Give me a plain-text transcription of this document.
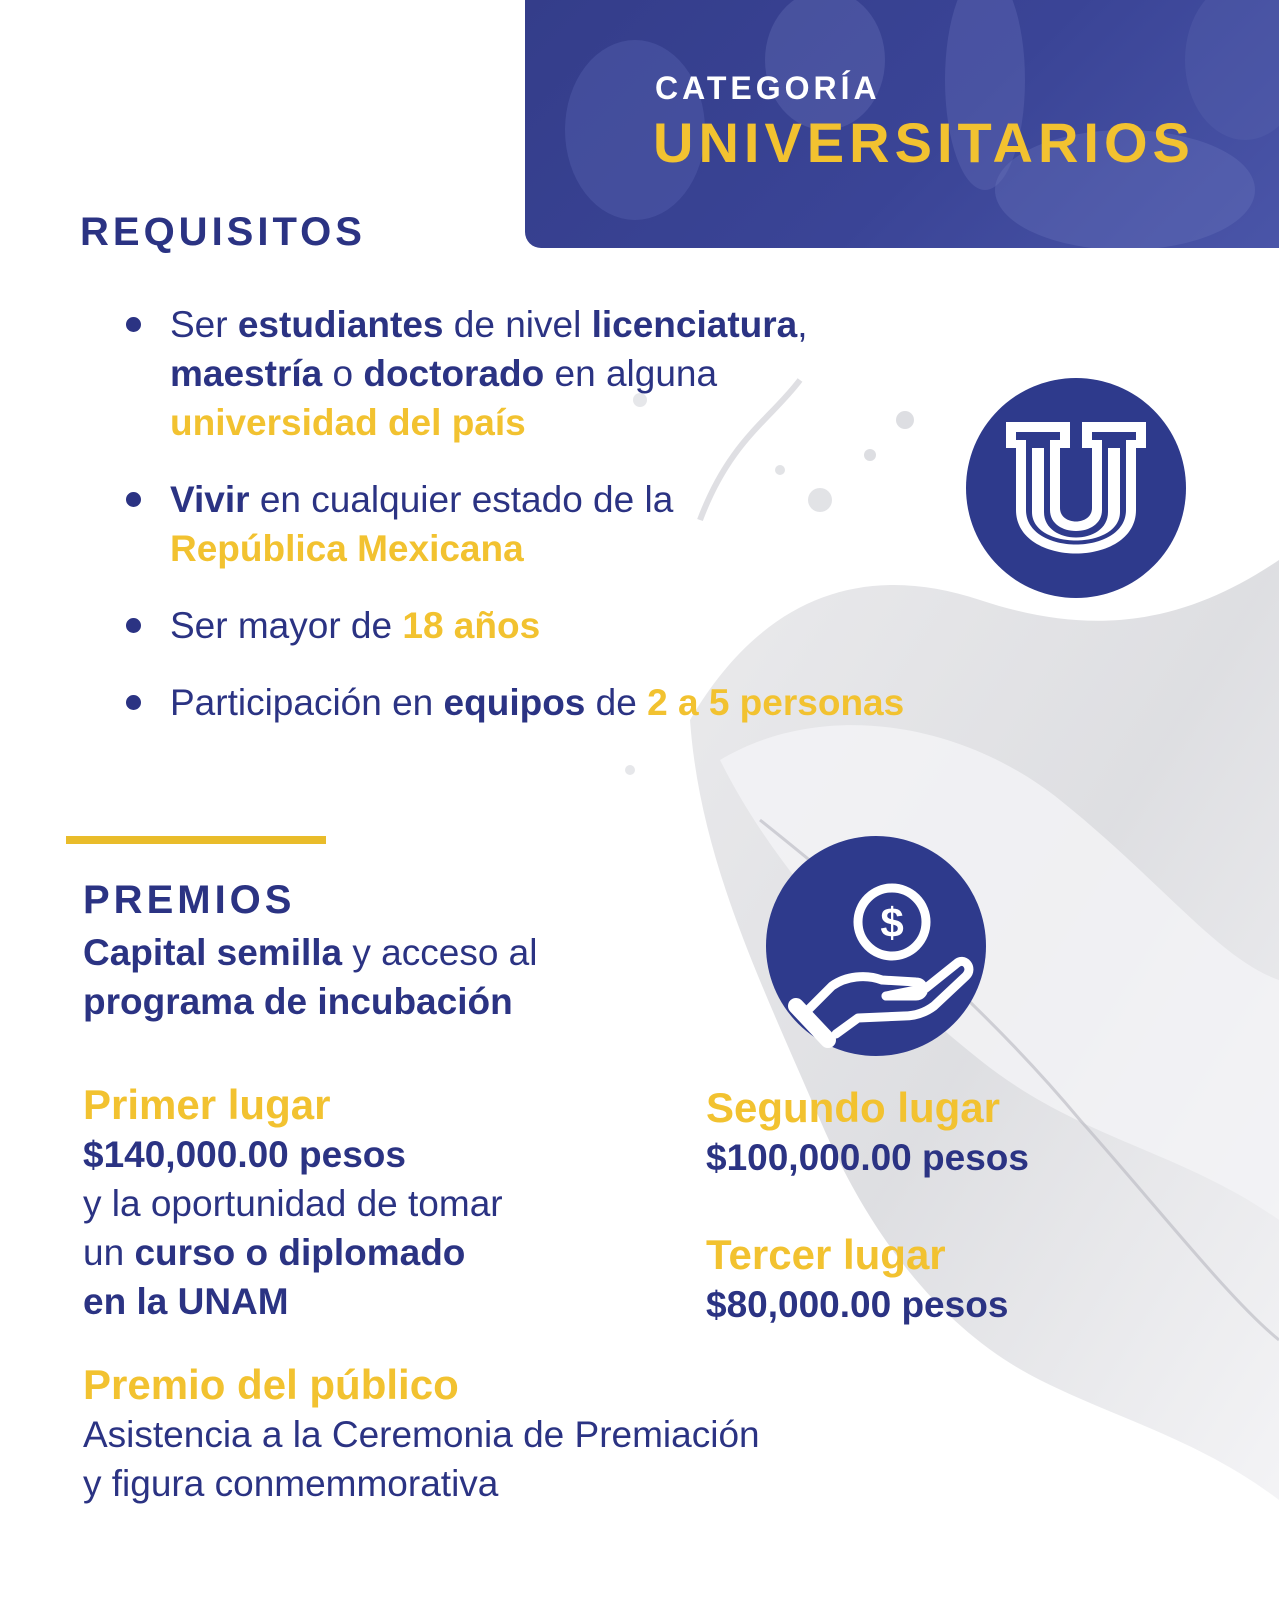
CATEGORÍA
UNIVERSITARIOS
REQUISITOS
Ser estudiantes de nivel licenciatura,
maestría o doctorado en alguna
universidad del país
Vivir en cualquier estado de la
República Mexicana
Ser mayor de 18 años
Participación en equipos de 2 a 5 personas
PREMIOS
Capital semilla y acceso al
programa de incubación
$
Primer lugar
$140,000.00 pesos
y la oportunidad de tomar
un curso o diplomado
en la UNAM
Segundo lugar
$100,000.00 pesos
Tercer lugar
$80,000.00 pesos
Premio del público
Asistencia a la Ceremonia de Premiación
y figura conmemmorativa
